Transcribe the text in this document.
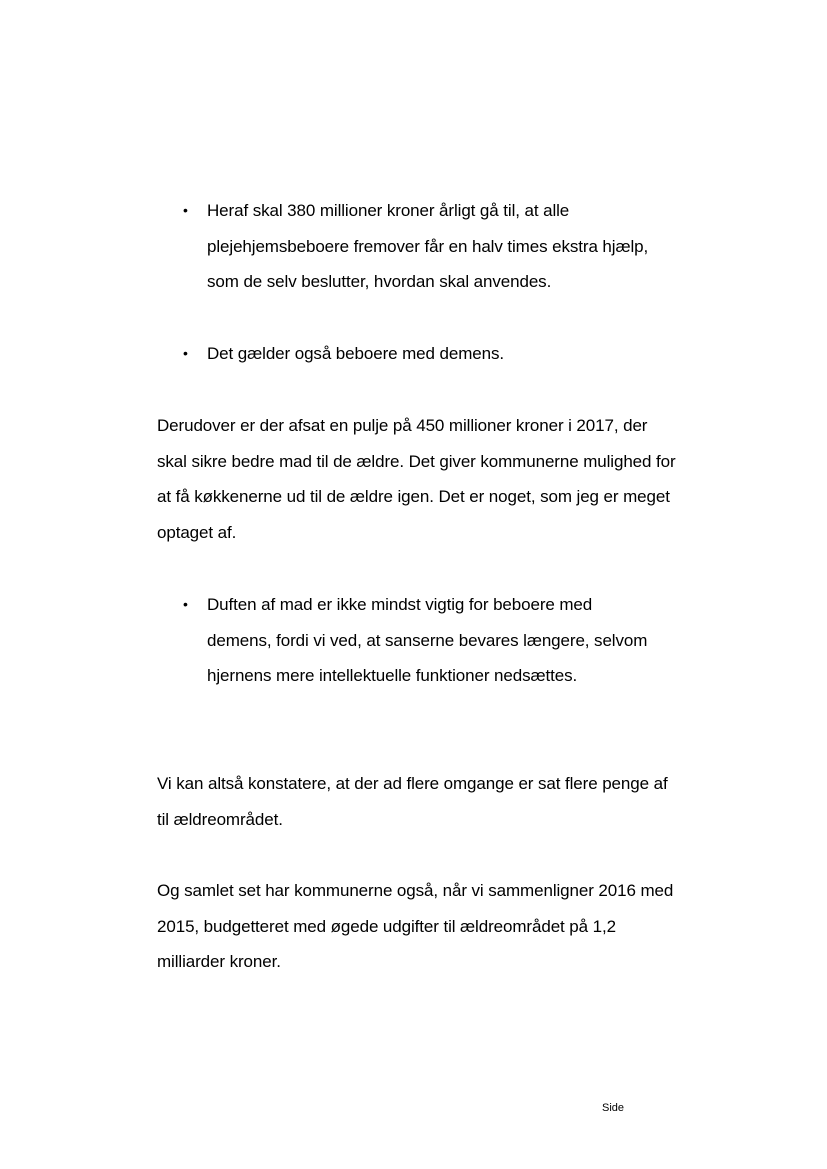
•	Heraf skal 380 millioner kroner årligt gå til, at alle plejehjemsbeboere fremover får en halv times ekstra hjælp, som de selv beslutter, hvordan skal anvendes.
•	Det gælder også beboere med demens.
Derudover er der afsat en pulje på 450 millioner kroner i 2017, der skal sikre bedre mad til de ældre. Det giver kommunerne mulighed for at få køkkenerne ud til de ældre igen. Det er noget, som jeg er meget optaget af.
•	Duften af mad er ikke mindst vigtig for beboere med demens, fordi vi ved, at sanserne bevares længere, selvom hjernens mere intellektuelle funktioner nedsættes.
Vi kan altså konstatere, at der ad flere omgange er sat flere penge af til ældreområdet.
Og samlet set har kommunerne også, når vi sammenligner 2016 med 2015, budgetteret med øgede udgifter til ældreområdet på 1,2 milliarder kroner.
Side
